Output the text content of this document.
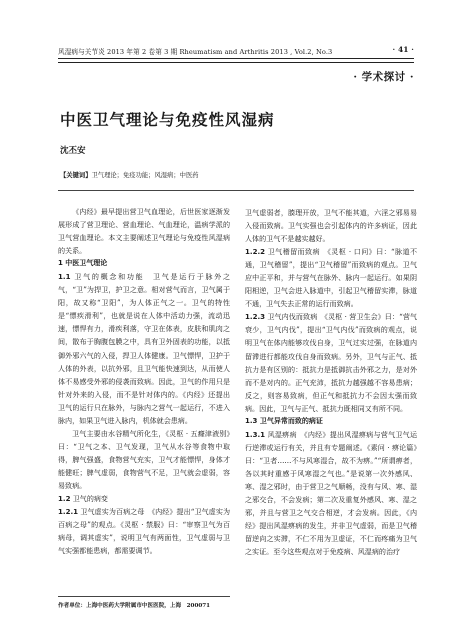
风湿病与关节炎 2013 年第 2 卷第 3 期 Rheumatism and Arthritis 2013 , Vol.2, No.3	· 41 ·
· 学术探讨 ·
中医卫气理论与免疫性风湿病
沈丕安
【关键词】卫气理论；免疫功能；风湿病；中医药

《内经》最早提出营卫气血理论，后世医家逐渐发展形成了营卫理论、营血理论、气血理论，温病学派的卫气营血理论。本文主要阐述卫气理论与免疫性风湿病的关系。

1 中医卫气理论

1.1 卫气的概念和功能　卫气是运行于脉外之气，“卫”为捍卫，护卫之意。相对营气而言，卫气属于阳，故又称“卫阳”，为人体正气之一。卫气的特性是“慓疾滑利”，也就是说在人体中活动力强，流动迅速，慓悍有力，滑疾利落，守卫在体表，皮肤和肌肉之间，散布于胸腹包膜之中，具有卫外固表的功能，以抵御外邪六气的入侵，捍卫人体健康。卫气慓悍，卫护于人体的外表，以抗外邪，且卫气能快速到达，从而使人体不易感受外邪的侵袭而致病。因此，卫气的作用只是针对外来的入侵，而不是针对体内的。《内经》还提出卫气的运行只在脉外，与脉内之营气一起运行，不进入脉内，如果卫气进入脉内，机体就会患病。

卫气主要由水谷精气所化生，《灵枢 · 五癃津液别》曰：“卫气之本、卫气发现，卫气从水谷等食物中取得，脾气强盛，食物营气充实，卫气才能慓悍，身体才能健旺；脾气虚弱，食物营气不足，卫气就会虚弱，容易致病。

1.2 卫气的病变

1.2.1 卫气虚实为百病之母　《内经》提出“卫气虚实为百病之母”的观点。《灵枢 · 禁服》曰：“审察卫气为百病母，调其虚实”，说明卫气有两面性，卫气虚弱与卫气实强都能患病，都需要调节。

卫气虚弱者，腠理开放，卫气不能其道，六淫之邪易易入侵而致病。卫气实强也会引起体内的许多病证，因此人体的卫气不是越实越好。

1.2.2 卫气稽留而致病　《灵枢 · 口问》曰：“脉道不通，卫气稽留”，提出“卫气稽留”而致病的观点。卫气应中正平和，并与营气在脉外、脉内一起运行。如果阴阳相逆，卫气会进入脉道中，引起卫气稽留实滞，脉道不通，卫气失去正常的运行而致病。

1.2.3 卫气内伐而致病　《灵枢 · 营卫生会》曰：“营气衰少，卫气内伐”，提出“卫气内伐”而致病的观点，说明卫气在体内能够攻伐自身，卫气过实过强，在脉道内留滞进行都能攻伐自身而致病。另外，卫气与正气、抵抗力是有区别的：抵抗力是抵御抗击外邪之力，是对外而不是对内的。正气充沛，抵抗力越强越不容易患病；反之，则容易致病，但正气和抵抗力不会因太强而致病。因此，卫气与正气、抵抗力既相同又有所不同。

1.3 卫气异常而致的病证

1.3.1 风湿痹病　《内经》提出风湿痹病与营气卫气运行逆滞或运行有关，并且有专题阐述。《素问 · 痹论篇》曰：“卫者……不与风寒湿合，故不为痹。”“所谓痹者，各以其时重感于风寒湿之气也。”是说第一次外感风、寒、湿之邪时，由于营卫之气顺畅，没有与风、寒、湿之邪交合，不会发病；第二次及重复外感风、寒、湿之邪，并且与营卫之气交合相逆，才会发病。因此，《内经》提出风湿痹病的发生，并非卫气虚弱，而是卫气稽留逆向之实滞，不仁不用为卫虚证，不仁而疼痛为卫气之实证。至今这些观点对于免疫病、风湿病的治疗

作者单位：上海中医药大学附属市中医医院，上海　200071
